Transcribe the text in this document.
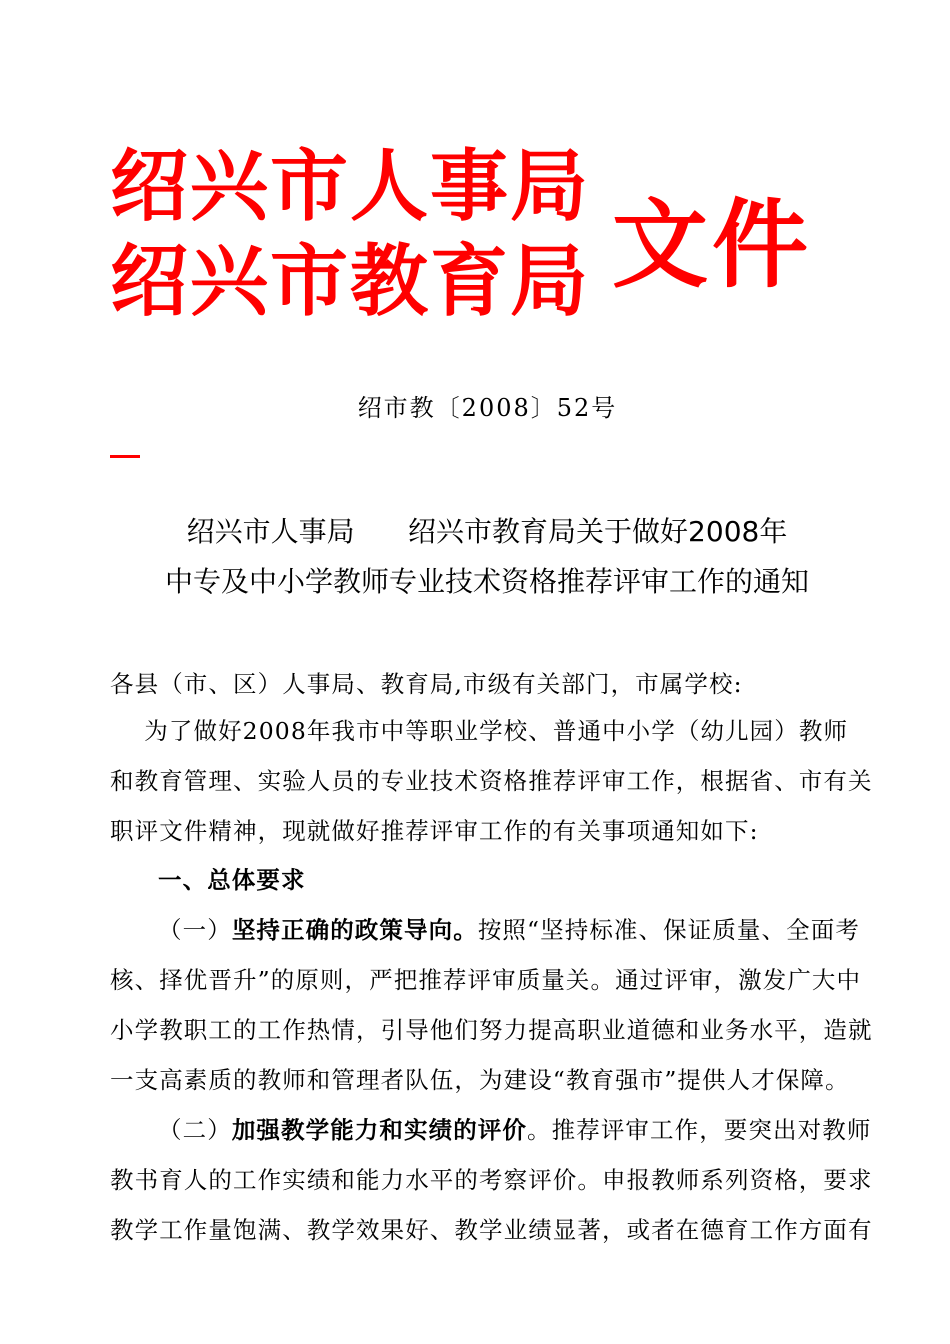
绍兴市人事局
绍兴市教育局 文件
绍市教〔2008〕52号
绍兴市人事局      绍兴市教育局关于做好2008年
中专及中小学教师专业技术资格推荐评审工作的通知
各县（市、区）人事局、教育局,市级有关部门，市属学校:
为了做好2008年我市中等职业学校、普通中小学（幼儿园）教师
和教育管理、实验人员的专业技术资格推荐评审工作，根据省、市有关
职评文件精神，现就做好推荐评审工作的有关事项通知如下:
一、总体要求
（一）坚持正确的政策导向。按照“坚持标准、保证质量、全面考
核、择优晋升”的原则，严把推荐评审质量关。通过评审，激发广大中
小学教职工的工作热情，引导他们努力提高职业道德和业务水平，造就
一支高素质的教师和管理者队伍，为建设“教育强市”提供人才保障。
（二）加强教学能力和实绩的评价。推荐评审工作，要突出对教师
教书育人的工作实绩和能力水平的考察评价。申报教师系列资格，要求
教学工作量饱满、教学效果好、教学业绩显著，或者在德育工作方面有
